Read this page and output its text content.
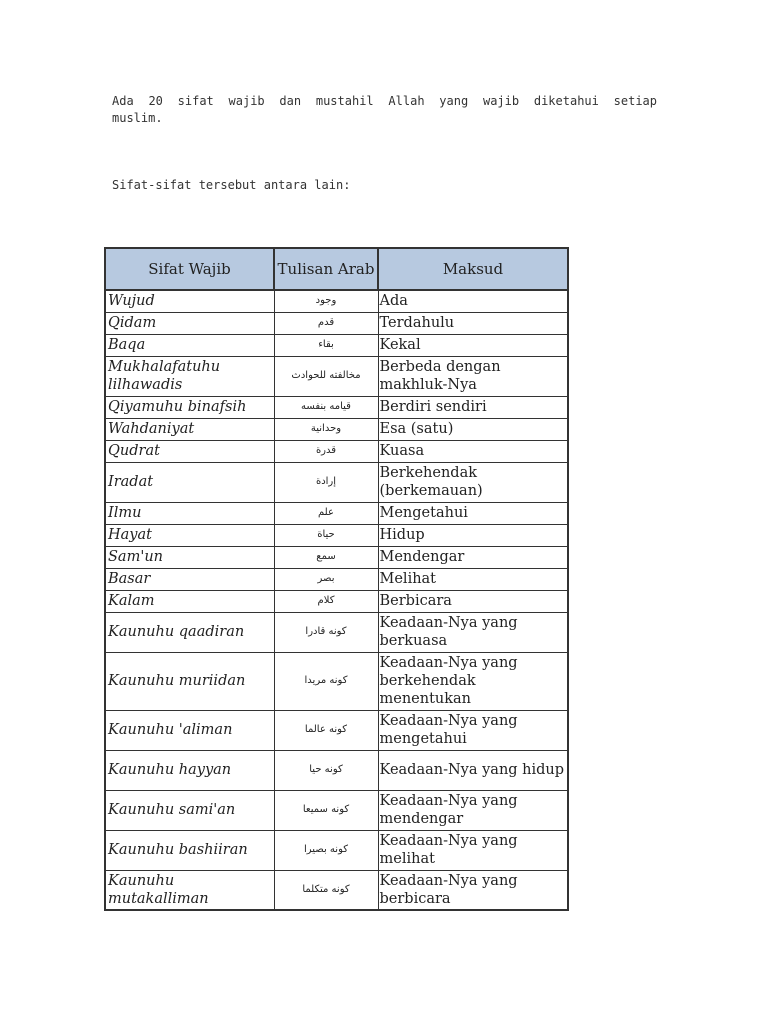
Ada 20 sifat wajib dan mustahil Allah yang wajib diketahui setiap muslim.
Sifat-sifat tersebut antara lain:
Sifat Wajib	Tulisan Arab	Maksud
Wujud	وجود	Ada
Qidam	قدم	Terdahulu
Baqa	بقاء	Kekal
Mukhalafatuhu lilhawadis	مخالفته للحوادث	Berbeda dengan makhluk-Nya
Qiyamuhu binafsih	قيامه بنفسه	Berdiri sendiri
Wahdaniyat	وحدانية	Esa (satu)
Qudrat	قدرة	Kuasa
Iradat	إرادة	Berkehendak (berkemauan)
Ilmu	علم	Mengetahui
Hayat	حياة	Hidup
Sam'un	سمع	Mendengar
Basar	بصر	Melihat
Kalam	كلام	Berbicara
Kaunuhu qaadiran	كونه قادرا	Keadaan-Nya yang berkuasa
Kaunuhu muriidan	كونه مريدا	Keadaan-Nya yang berkehendak menentukan
Kaunuhu 'aliman	كونه عالما	Keadaan-Nya yang mengetahui
Kaunuhu hayyan	كونه حيا	Keadaan-Nya yang hidup
Kaunuhu sami'an	كونه سميعا	Keadaan-Nya yang mendengar
Kaunuhu bashiiran	كونه بصيرا	Keadaan-Nya yang melihat
Kaunuhu mutakalliman	كونه متكلما	Keadaan-Nya yang berbicara
